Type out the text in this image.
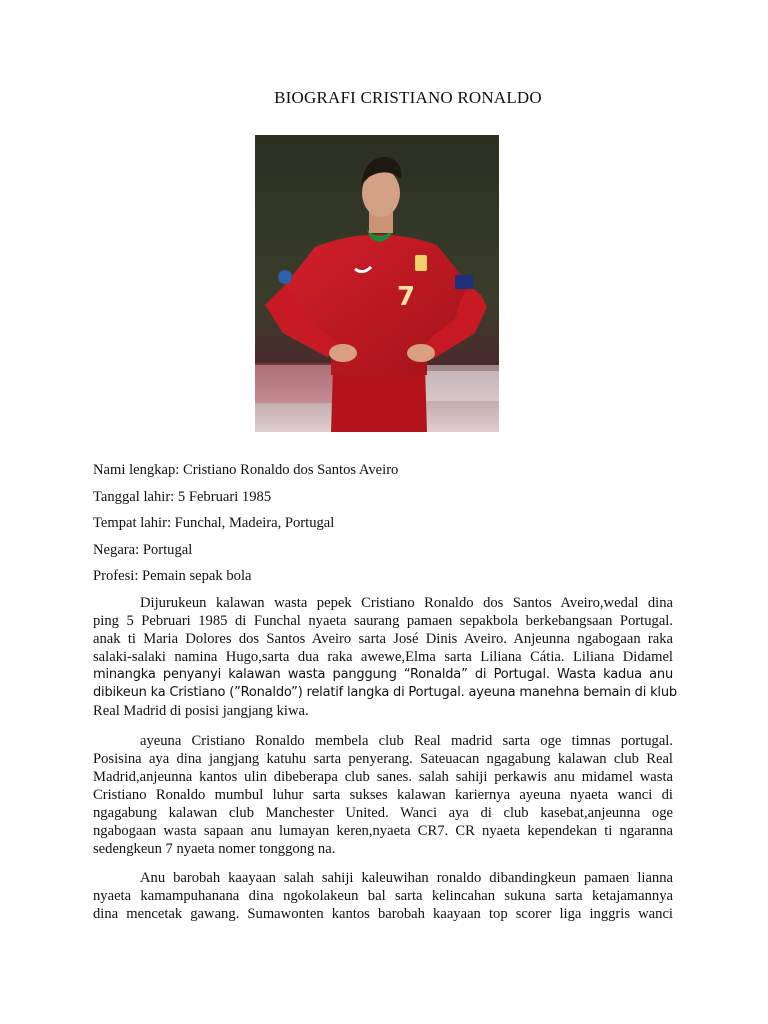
BIOGRAFI CRISTIANO RONALDO
7
Nami lengkap: Cristiano Ronaldo dos Santos Aveiro
Tanggal lahir: 5 Februari 1985
Tempat lahir: Funchal, Madeira, Portugal
Negara: Portugal
Profesi: Pemain sepak bola
Dijurukeun kalawan wasta pepek Cristiano Ronaldo dos Santos Aveiro,wedal dina
ping 5 Pebruari 1985 di Funchal nyaeta saurang pamaen sepakbola berkebangsaan Portugal.
anak ti Maria Dolores dos Santos Aveiro sarta José Dinis Aveiro. Anjeunna ngabogaan raka
salaki-salaki namina Hugo,sarta dua raka awewe,Elma sarta Liliana Cátia. Liliana Didamel
minangka penyanyi kalawan wasta panggung “Ronalda” di Portugal. Wasta kadua anu
dibikeun ka Cristiano (”Ronaldo”) relatif langka di Portugal. ayeuna manehna bemain di klub
Real Madrid di posisi jangjang kiwa.
ayeuna Cristiano Ronaldo membela club Real madrid sarta oge timnas portugal.
Posisina aya dina jangjang katuhu sarta penyerang. Sateuacan ngagabung kalawan club Real
Madrid,anjeunna kantos ulin dibeberapa club sanes. salah sahiji perkawis anu midamel wasta
Cristiano Ronaldo mumbul luhur sarta sukses kalawan kariernya ayeuna nyaeta wanci di
ngagabung kalawan club Manchester United. Wanci aya di club kasebat,anjeunna oge
ngabogaan wasta sapaan anu lumayan keren,nyaeta CR7. CR nyaeta kependekan ti ngaranna
sedengkeun 7 nyaeta nomer tonggong na.
Anu barobah kaayaan salah sahiji kaleuwihan ronaldo dibandingkeun pamaen lianna
nyaeta kamampuhanana dina ngokolakeun bal sarta kelincahan sukuna sarta ketajamannya
dina mencetak gawang. Sumawonten kantos barobah kaayaan top scorer liga inggris wanci
